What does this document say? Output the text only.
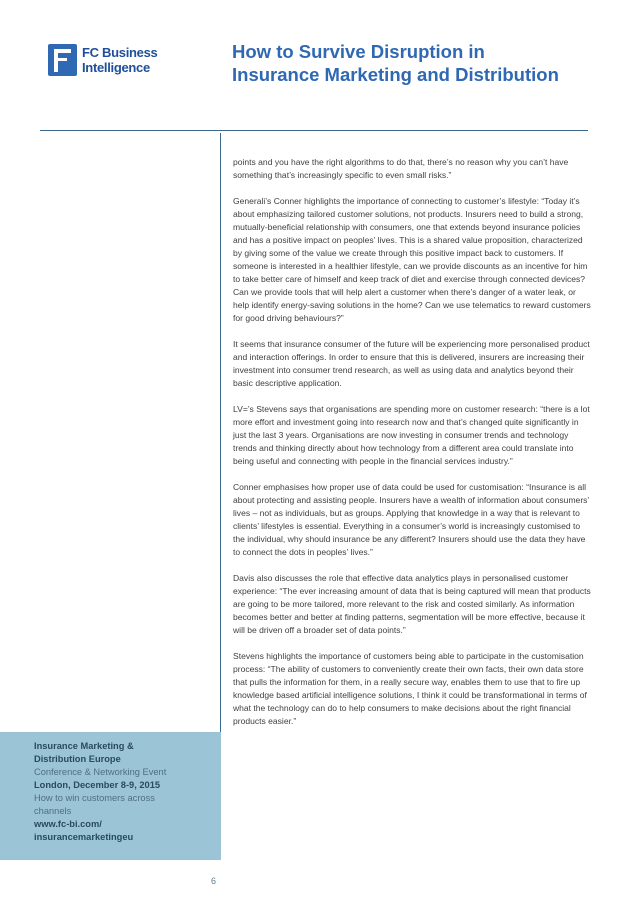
FC Business
Intelligence
How to Survive Disruption in
Insurance Marketing and Distribution

points and you have the right algorithms to do that, there’s no reason why you can’t have something that’s increasingly specific to even small risks.”

Generali’s Conner highlights the importance of connecting to customer’s lifestyle: “Today it’s about emphasizing tailored customer solutions, not products. Insurers need to build a strong, mutually-beneficial relationship with consumers, one that extends beyond insurance policies and has a positive impact on peoples’ lives. This is a shared value proposition, characterized by giving some of the value we create through this positive impact back to customers. If someone is interested in a healthier lifestyle, can we provide discounts as an incentive for him to take better care of himself and keep track of diet and exercise through connected devices? Can we provide tools that will help alert a customer when there’s danger of a water leak, or help identify energy-saving solutions in the home? Can we use telematics to reward customers for good driving behaviours?”

It seems that insurance consumer of the future will be experiencing more personalised product and interaction offerings. In order to ensure that this is delivered, insurers are increasing their investment into consumer trend research, as well as using data and analytics beyond their basic descriptive application.

LV=’s Stevens says that organisations are spending more on customer research: “there is a lot more effort and investment going into research now and that’s changed quite significantly in just the last 3 years. Organisations are now investing in consumer trends and technology trends and thinking directly about how technology from a different area could translate into being useful and connecting with people in the financial services industry.”

Conner emphasises how proper use of data could be used for customisation: “Insurance is all about protecting and assisting people. Insurers have a wealth of information about consumers’ lives – not as individuals, but as groups. Applying that knowledge in a way that is relevant to clients’ lifestyles is essential. Everything in a consumer’s world is increasingly customised to the individual, why should insurance be any different? Insurers should use the data they have to connect the dots in peoples’ lives.”

Davis also discusses the role that effective data analytics plays in personalised customer experience: “The ever increasing amount of data that is being captured will mean that products are going to be more tailored, more relevant to the risk and costed similarly. As information becomes better and better at finding patterns, segmentation will be more effective, because it will be driven off a broader set of data points.”

Stevens highlights the importance of customers being able to participate in the customisation process: “The ability of customers to conveniently create their own facts, their own data store that pulls the information for them, in a really secure way, enables them to use that to fire up knowledge based artificial intelligence solutions, I think it could be transformational in terms of what the technology can do to help consumers to make decisions about the right financial products easier.”

Insurance Marketing &
Distribution Europe
Conference & Networking Event
London, December 8-9, 2015
How to win customers across
channels
www.fc-bi.com/
insurancemarketingeu
6
